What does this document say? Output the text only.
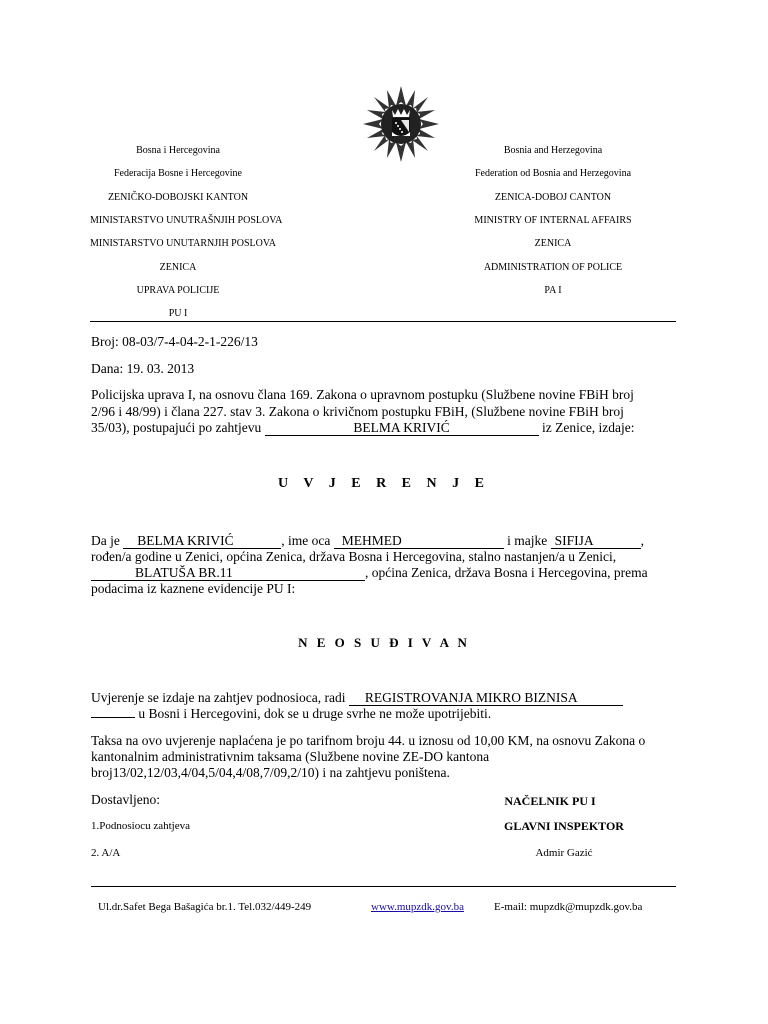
Bosna i Hercegovina
Federacija Bosne i Hercegovine
ZENIČKO-DOBOJSKI KANTON
MINISTARSTVO UNUTRAŠNJIH POSLOVA
MINISTARSTVO UNUTARNJIH POSLOVA
ZENICA
UPRAVA POLICIJE
PU I
Bosnia and Herzegovina
Federation od Bosnia and Herzegovina
ZENICA-DOBOJ CANTON
MINISTRY OF INTERNAL AFFAIRS
ZENICA
ADMINISTRATION OF POLICE
PA I
Broj: 08-03/7-4-04-2-1-226/13
Dana: 19. 03. 2013
Policijska uprava I, na osnovu člana 169. Zakona o upravnom postupku (Službene novine FBiH broj
2/96 i 48/99) i člana 227. stav 3. Zakona o krivičnom postupku FBiH, (Službene novine FBiH broj
35/03), postupajući po zahtjevu	BELMA KRIVIĆ	iz Zenice, izdaje:
U V J E R E N J E
Da je BELMA KRIVIĆ	, ime oca MEHMED	i majke SIFIJA	,
rođen/a godine u Zenici, općina Zenica, država Bosna i Hercegovina, stalno nastanjen/a u Zenici,
BLATUŠA BR.11	, općina Zenica, država Bosna i Hercegovina, prema
podacima iz kaznene evidencije PU I:
N E O S U Đ I V A N
Uvjerenje se izdaje na zahtjev podnosioca, radi REGISTROVANJA MIKRO BIZNISA
u Bosni i Hercegovini, dok se u druge svrhe ne može upotrijebiti.
Taksa na ovo uvjerenje naplaćena je po tarifnom broju 44. u iznosu od 10,00 KM, na osnovu Zakona o
kantonalnim administrativnim taksama (Službene novine ZE-DO kantona
broj13/02,12/03,4/04,5/04,4/08,7/09,2/10) i na zahtjevu poništena.
Dostavljeno:	NAČELNIK PU I
1.Podnosiocu zahtjeva	GLAVNI INSPEKTOR
2. A/A	Admir Gazić
Ul.dr.Safet Bega Bašagića br.1. Tel.032/449-249	www.mupzdk.gov.ba	E-mail: mupzdk@mupzdk.gov.ba
